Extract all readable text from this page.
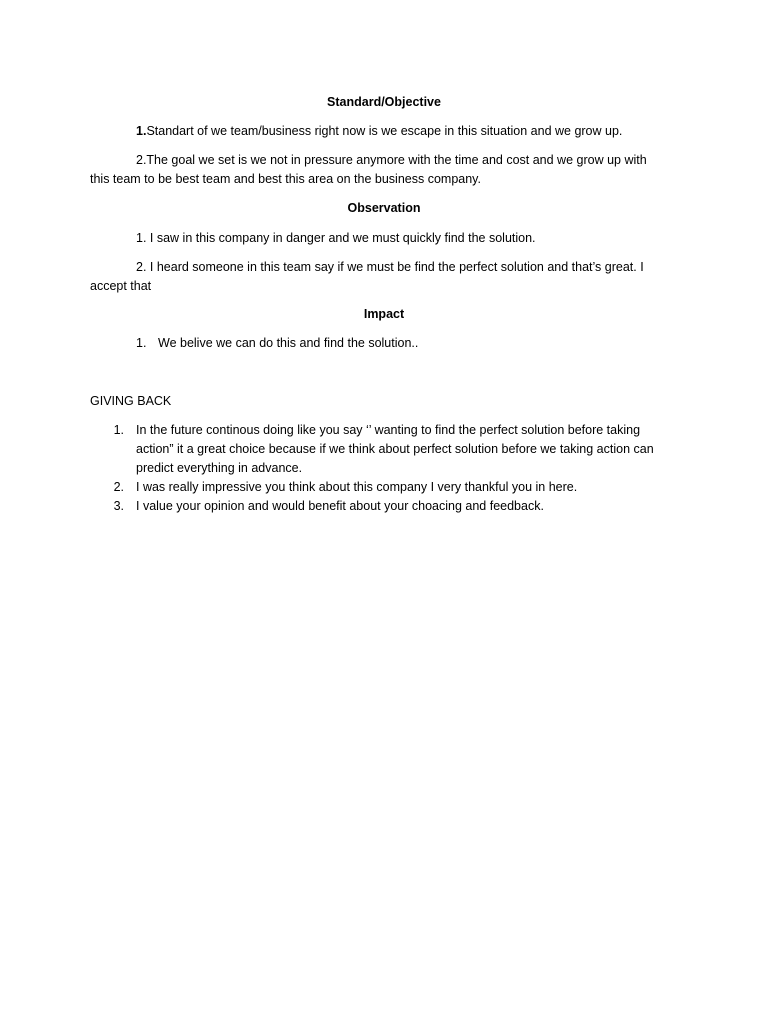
Standard/Objective
1.Standart of we team/business right now is we escape in this situation and we grow up.
2.The goal we set is we not in pressure anymore with the time and cost and we grow up with
this team to be best team and best this area on the business company.
Observation
1. I saw in this company in danger and we must quickly find the solution.
2. I heard someone in this team say if we must be find the perfect solution and that’s great. I
accept that
Impact
1. We belive we can do this and find the solution..
GIVING BACK
1. In the future continous doing like you say ‘’ wanting to find the perfect solution before taking
action” it a great choice because if we think about perfect solution before we taking action can
predict everything in advance.
2. I was really impressive you think about this company I very thankful you in here.
3. I value your opinion and would benefit about your choacing and feedback.
